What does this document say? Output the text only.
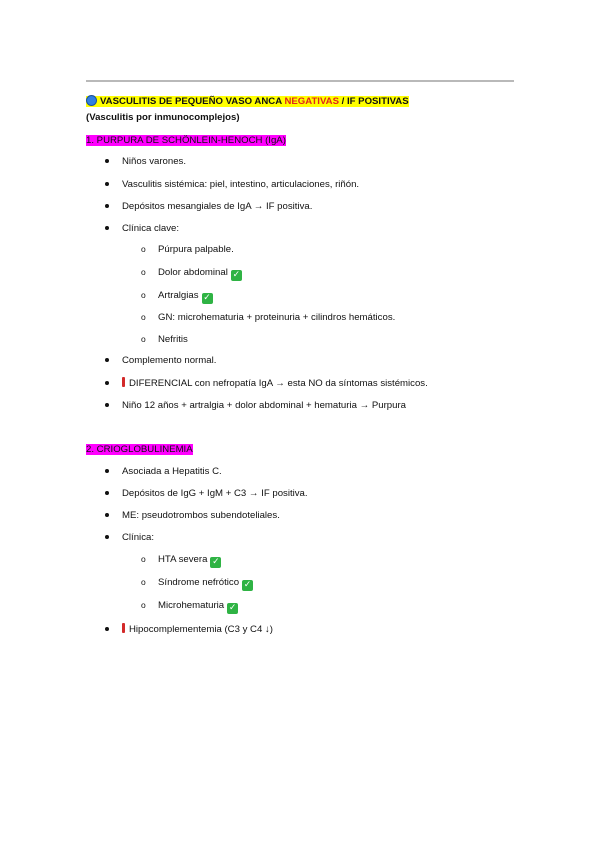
VASCULITIS DE PEQUEÑO VASO ANCA NEGATIVAS / IF POSITIVAS
(Vasculitis por inmunocomplejos)
1. PURPURA DE SCHÖNLEIN-HENOCH (IgA)
Niños varones.
Vasculitis sistémica: piel, intestino, articulaciones, riñón.
Depósitos mesangiales de IgA → IF positiva.
Clínica clave:
o Púrpura palpable.
o Dolor abdominal ✓
o Artralgias ✓
o GN: microhematuria + proteinuria + cilindros hemáticos.
o Nefritis
Complemento normal.
DIFERENCIAL con nefropatía IgA → esta NO da síntomas sistémicos.
Niño 12 años + artralgia + dolor abdominal + hematuria → Purpura
2. CRIOGLOBULINEMIA
Asociada a Hepatitis C.
Depósitos de IgG + IgM + C3 → IF positiva.
ME: pseudotrombos subendoteliales.
Clínica:
o HTA severa ✓
o Síndrome nefrótico ✓
o Microhematuria ✓
Hipocomplementemia (C3 y C4 ↓)
